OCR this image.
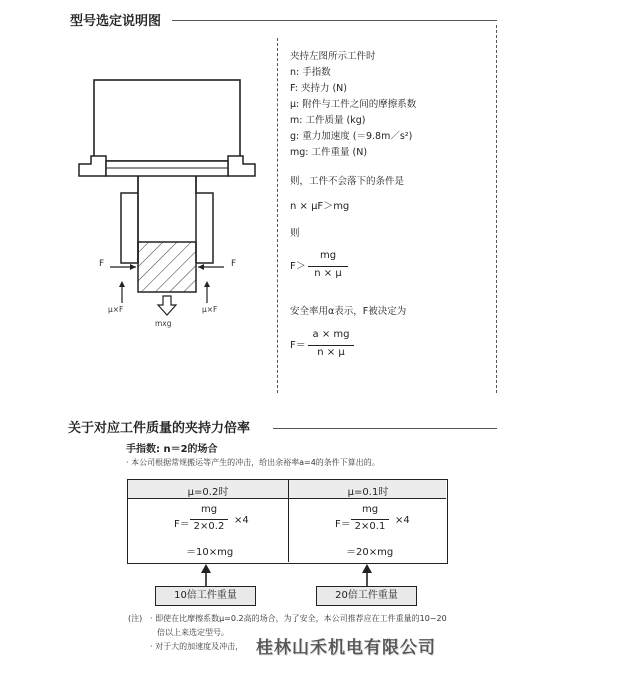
型号选定说明图
F	F
μ×F	μ×F
mxg
夹持左图所示工件时
n: 手指数
F: 夹持力 (N)
μ: 附件与工件之间的摩擦系数
m: 工件质量 (kg)
g: 重力加速度 (＝9.8m／s²)
mg: 工件重量 (N)
则，工件不会落下的条件是
n × μF＞mg
则
F＞
mg
n × μ
安全率用α表示，F被决定为
F＝
a × mg
n × μ
关于对应工件质量的夹持力倍率
手指数: n＝2的场合
· 本公司根据常规搬运等产生的冲击，给出余裕率a=4的条件下算出的。
μ=0.2时	μ=0.1时
F＝
mg
2×0.2
×4
＝10×mg
F＝
mg
2×0.1
×4
＝20×mg
10倍工件重量	20倍工件重量
(注) · 即使在比摩擦系数μ=0.2高的场合，为了安全，本公司推荐应在工件重量的10~20
倍以上来选定型号。
· 对于大的加速度及冲击， 桂林山禾机电有限公司
